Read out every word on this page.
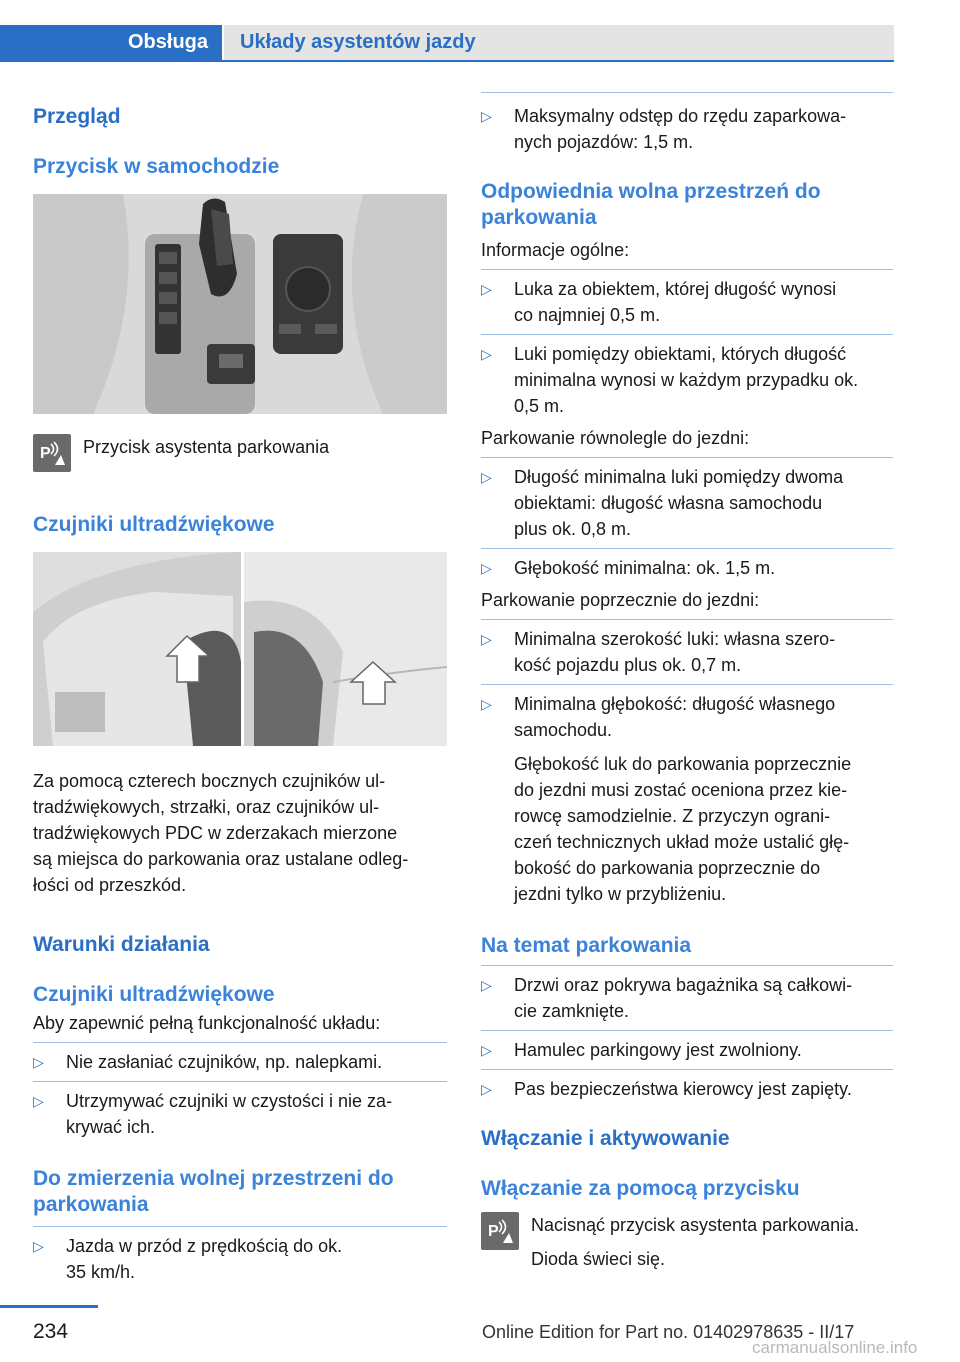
Obsługa	Układy asystentów jazdy
Przegląd
Przycisk w samochodzie
P Przycisk asystenta parkowania
Czujniki ultradźwiękowe
Za pomocą czterech bocznych czujników ul‐
tradźwiękowych, strzałki, oraz czujników ul‐
tradźwiękowych PDC w zderzakach mierzone
są miejsca do parkowania oraz ustalane odleg‐
łości od przeszkód.
Warunki działania
Czujniki ultradźwiękowe
Aby zapewnić pełną funkcjonalność układu:
▷ Nie zasłaniać czujników, np. nalepkami.
▷ Utrzymywać czujniki w czystości i nie za‐
krywać ich.
Do zmierzenia wolnej przestrzeni do
parkowania
▷ Jazda w przód z prędkością do ok.
35 km/h.
▷ Maksymalny odstęp do rzędu zaparkowa‐
nych pojazdów: 1,5 m.
Odpowiednia wolna przestrzeń do
parkowania
Informacje ogólne:
▷ Luka za obiektem, której długość wynosi
co najmniej 0,5 m.
▷ Luki pomiędzy obiektami, których długość
minimalna wynosi w każdym przypadku ok.
0,5 m.
Parkowanie równolegle do jezdni:
▷ Długość minimalna luki pomiędzy dwoma
obiektami: długość własna samochodu
plus ok. 0,8 m.
▷ Głębokość minimalna: ok. 1,5 m.
Parkowanie poprzecznie do jezdni:
▷ Minimalna szerokość luki: własna szero‐
kość pojazdu plus ok. 0,7 m.
▷ Minimalna głębokość: długość własnego
samochodu.
Głębokość luk do parkowania poprzecznie
do jezdni musi zostać oceniona przez kie‐
rowcę samodzielnie. Z przyczyn ograni‐
czeń technicznych układ może ustalić głę‐
bokość do parkowania poprzecznie do
jezdni tylko w przybliżeniu.
Na temat parkowania
▷ Drzwi oraz pokrywa bagażnika są całkowi‐
cie zamknięte.
▷ Hamulec parkingowy jest zwolniony.
▷ Pas bezpieczeństwa kierowcy jest zapięty.
Włączanie i aktywowanie
Włączanie za pomocą przycisku
P Nacisnąć przycisk asystenta parkowania.
Dioda świeci się.
234	Online Edition for Part no. 01402978635 - II/17
carmanualsonline.info
